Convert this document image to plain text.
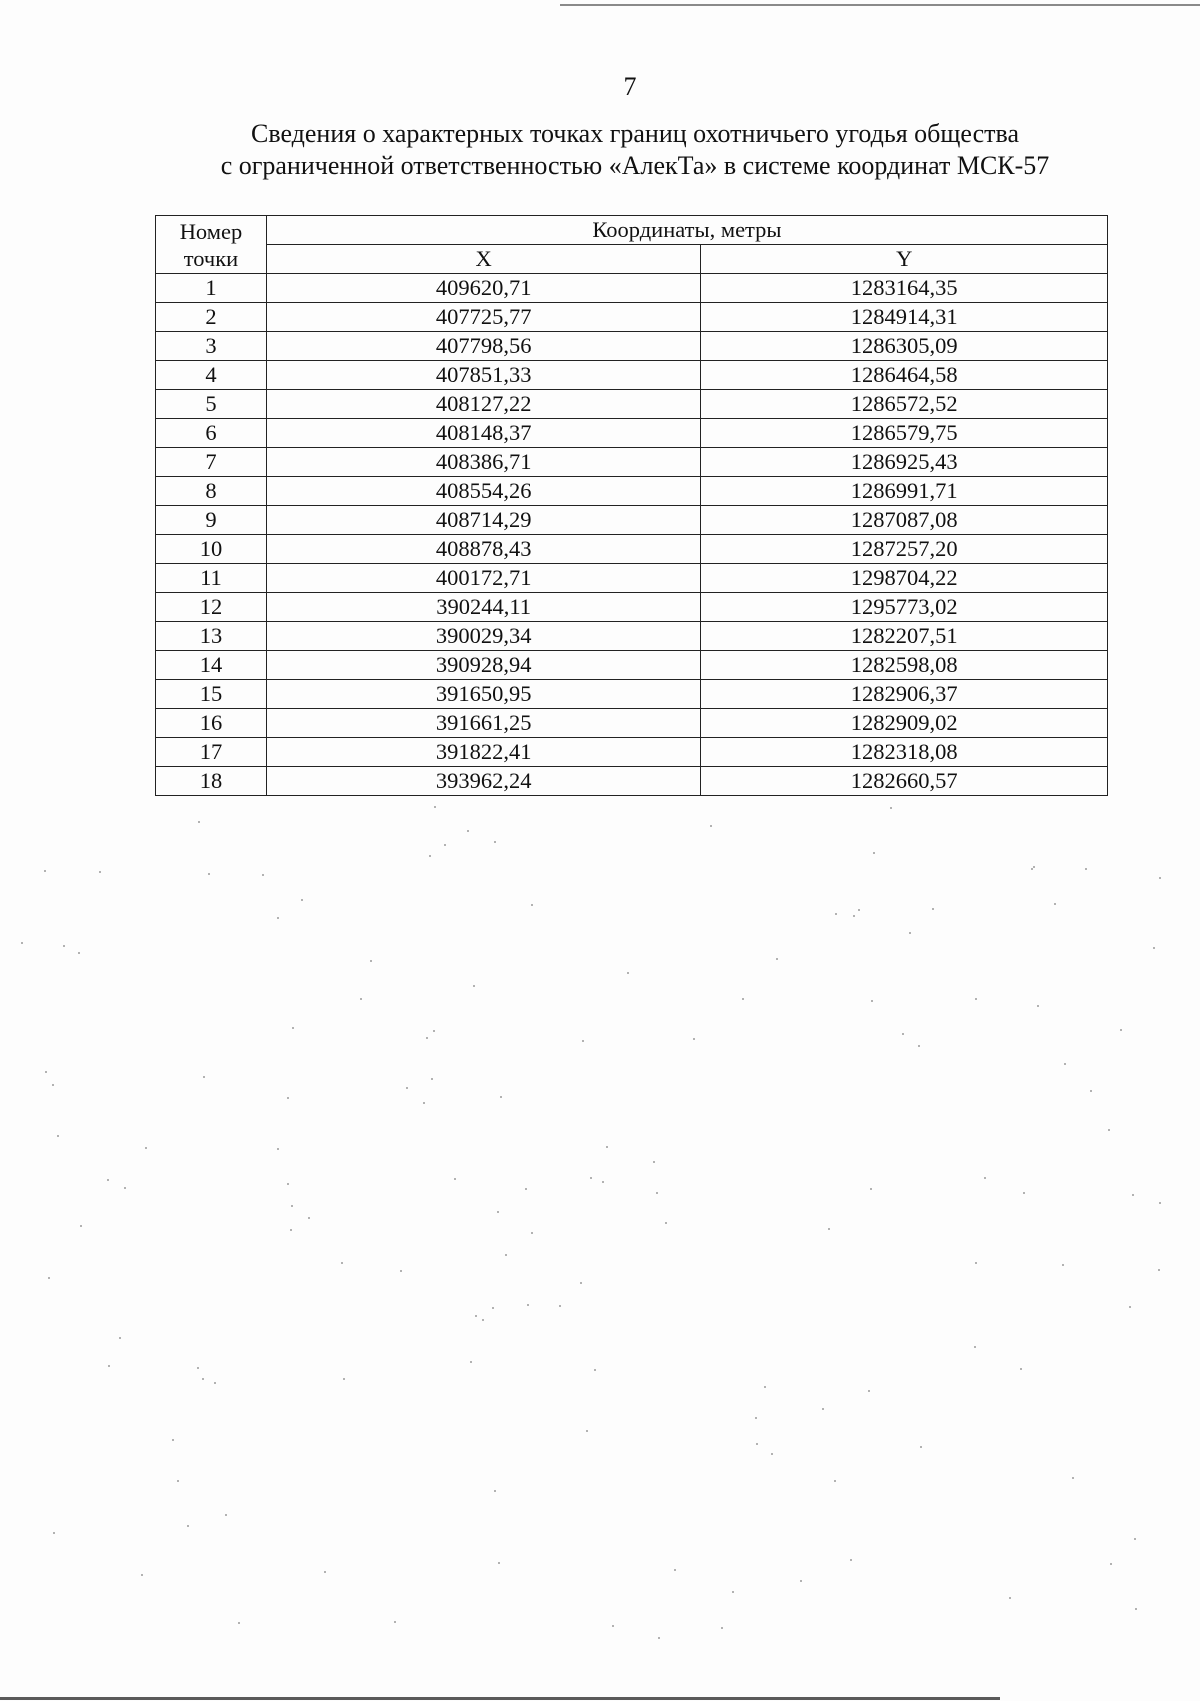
7
Сведения о характерных точках границ охотничьего угодья общества
с ограниченной ответственностью «АлекТа» в системе координат МСК-57
Номер
точки	Координаты, метры	
	X	Y
1	409620,71	1283164,35
2	407725,77	1284914,31
3	407798,56	1286305,09
4	407851,33	1286464,58
5	408127,22	1286572,52
6	408148,37	1286579,75
7	408386,71	1286925,43
8	408554,26	1286991,71
9	408714,29	1287087,08
10	408878,43	1287257,20
11	400172,71	1298704,22
12	390244,11	1295773,02
13	390029,34	1282207,51
14	390928,94	1282598,08
15	391650,95	1282906,37
16	391661,25	1282909,02
17	391822,41	1282318,08
18	393962,24	1282660,57
